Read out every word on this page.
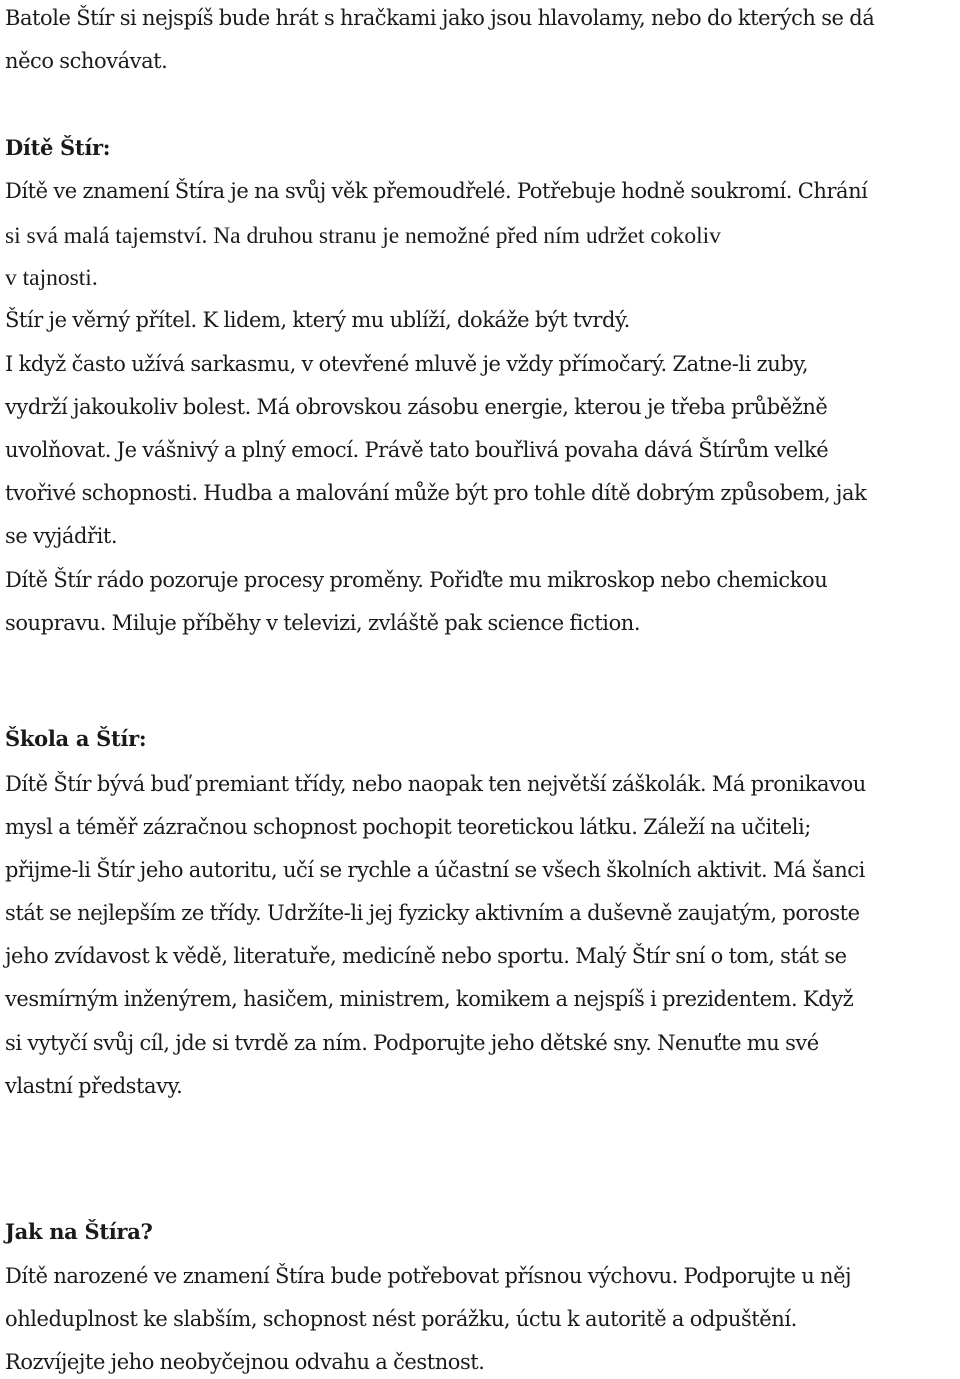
Batole Štír si nejspíš bude hrát s hračkami jako jsou hlavolamy, nebo do kterých se dá
něco schovávat.
Dítě Štír:
Dítě ve znamení Štíra je na svůj věk přemoudřelé. Potřebuje hodně soukromí. Chrání
si svá malá tajemství. Na druhou stranu je nemožné před ním udržet cokoliv
v tajnosti.
Štír je věrný přítel. K lidem, který mu ublíží, dokáže být tvrdý.
I když často užívá sarkasmu, v otevřené mluvě je vždy přímočarý. Zatne-li zuby,
vydrží jakoukoliv bolest. Má obrovskou zásobu energie, kterou je třeba průběžně
uvolňovat. Je vášnivý a plný emocí. Právě tato bouřlivá povaha dává Štírům velké
tvořivé schopnosti. Hudba a malování může být pro tohle dítě dobrým způsobem, jak
se vyjádřit.
Dítě Štír rádo pozoruje procesy proměny. Pořiďte mu mikroskop nebo chemickou
soupravu. Miluje příběhy v televizi, zvláště pak science fiction.
Škola a Štír:
Dítě Štír bývá buď premiant třídy, nebo naopak ten největší záškolák. Má pronikavou
mysl a téměř zázračnou schopnost pochopit teoretickou látku. Záleží na učiteli;
přijme-li Štír jeho autoritu, učí se rychle a účastní se všech školních aktivit. Má šanci
stát se nejlepším ze třídy. Udržíte-li jej fyzicky aktivním a duševně zaujatým, poroste
jeho zvídavost k vědě, literatuře, medicíně nebo sportu. Malý Štír sní o tom, stát se
vesmírným inženýrem, hasičem, ministrem, komikem a nejspíš i prezidentem. Když
si vytyčí svůj cíl, jde si tvrdě za ním. Podporujte jeho dětské sny. Nenuťte mu své
vlastní představy.
Jak na Štíra?
Dítě narozené ve znamení Štíra bude potřebovat přísnou výchovu. Podporujte u něj
ohleduplnost ke slabším, schopnost nést porážku, úctu k autoritě a odpuštění.
Rozvíjejte jeho neobyčejnou odvahu a čestnost.
